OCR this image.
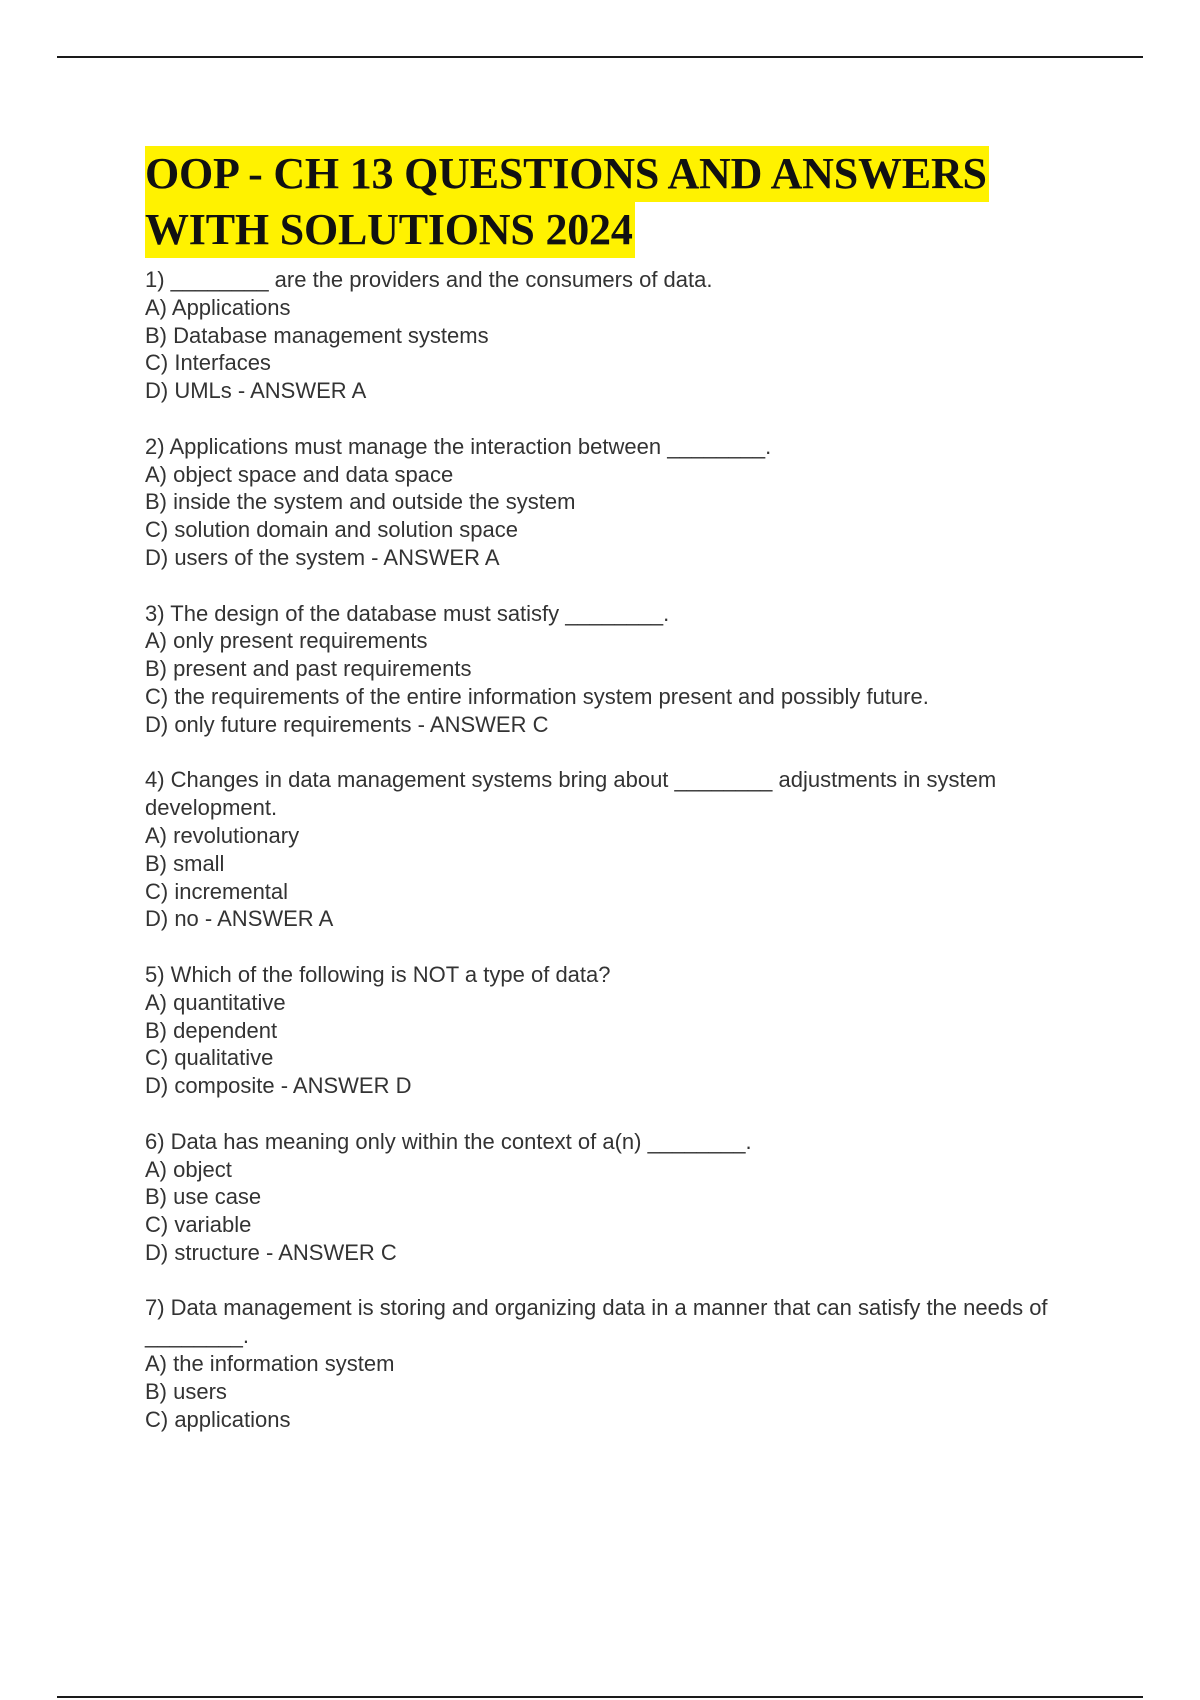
OOP - CH 13 QUESTIONS AND ANSWERS
WITH SOLUTIONS 2024
1) ________ are the providers and the consumers of data.
A) Applications
B) Database management systems
C) Interfaces
D) UMLs - ANSWER A
2) Applications must manage the interaction between ________.
A) object space and data space
B) inside the system and outside the system
C) solution domain and solution space
D) users of the system - ANSWER A
3) The design of the database must satisfy ________.
A) only present requirements
B) present and past requirements
C) the requirements of the entire information system present and possibly future.
D) only future requirements - ANSWER C
4) Changes in data management systems bring about ________ adjustments in system development.
A) revolutionary
B) small
C) incremental
D) no - ANSWER A
5) Which of the following is NOT a type of data?
A) quantitative
B) dependent
C) qualitative
D) composite - ANSWER D
6) Data has meaning only within the context of a(n) ________.
A) object
B) use case
C) variable
D) structure - ANSWER C
7) Data management is storing and organizing data in a manner that can satisfy the needs of ________.
A) the information system
B) users
C) applications
